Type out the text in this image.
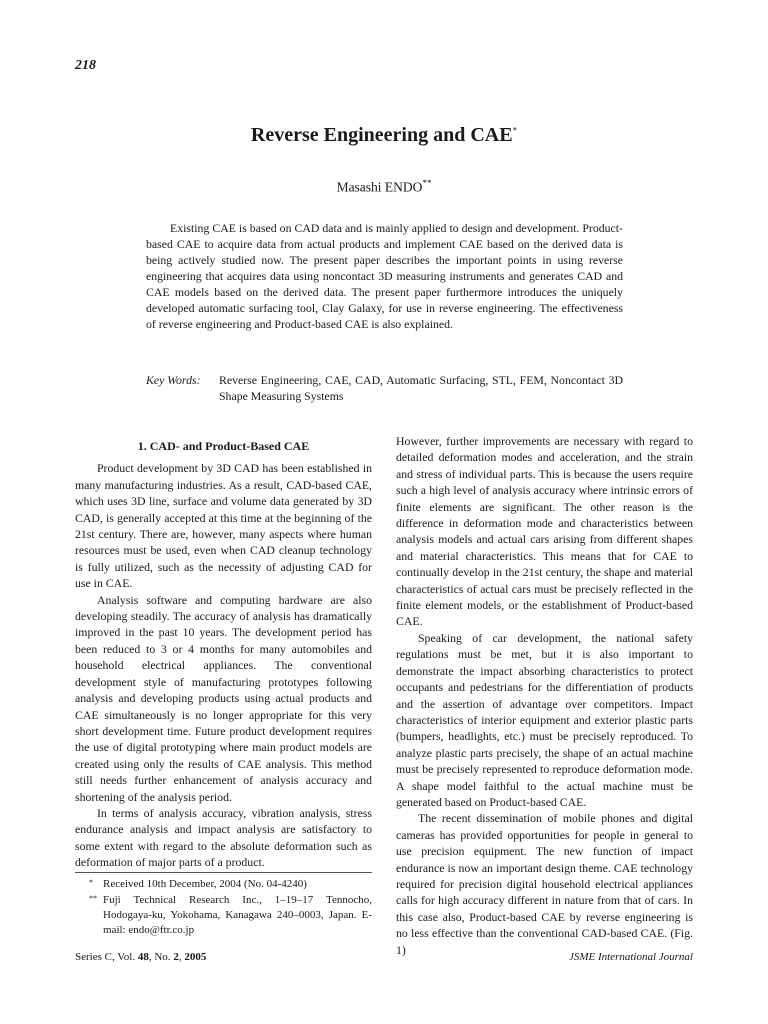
218
Reverse Engineering and CAE*
Masashi ENDO**

Existing CAE is based on CAD data and is mainly applied to design and development. Product-based CAE to acquire data from actual products and implement CAE based on the derived data is being actively studied now. The present paper describes the important points in using reverse engineering that acquires data using noncontact 3D measuring instruments and generates CAD and CAE models based on the derived data. The present paper furthermore introduces the uniquely developed automatic surfacing tool, Clay Galaxy, for use in reverse engineering. The effectiveness of reverse engineering and Product-based CAE is also explained.

Key Words: Reverse Engineering, CAE, CAD, Automatic Surfacing, STL, FEM, Noncontact 3D Shape Measuring Systems
1. CAD- and Product-Based CAE

Product development by 3D CAD has been established in many manufacturing industries. As a result, CAD-based CAE, which uses 3D line, surface and volume data generated by 3D CAD, is generally accepted at this time at the beginning of the 21st century. There are, however, many aspects where human resources must be used, even when CAD cleanup technology is fully utilized, such as the necessity of adjusting CAD for use in CAE.

Analysis software and computing hardware are also developing steadily. The accuracy of analysis has dramatically improved in the past 10 years. The development period has been reduced to 3 or 4 months for many automobiles and household electrical appliances. The conventional development style of manufacturing prototypes following analysis and developing products using actual products and CAE simultaneously is no longer appropriate for this very short development time. Future product development requires the use of digital prototyping where main product models are created using only the results of CAE analysis. This method still needs further enhancement of analysis accuracy and shortening of the analysis period.

In terms of analysis accuracy, vibration analysis, stress endurance analysis and impact analysis are satisfactory to some extent with regard to the absolute deformation such as deformation of major parts of a product.

* Received 10th December, 2004 (No. 04-4240)
** Fuji Technical Research Inc., 1–19–17 Tennocho, Hodogaya-ku, Yokohama, Kanagawa 240–0003, Japan. E-mail: endo@ftr.co.jp

However, further improvements are necessary with regard to detailed deformation modes and acceleration, and the strain and stress of individual parts. This is because the users require such a high level of analysis accuracy where intrinsic errors of finite elements are significant. The other reason is the difference in deformation mode and characteristics between analysis models and actual cars arising from different shapes and material characteristics. This means that for CAE to continually develop in the 21st century, the shape and material characteristics of actual cars must be precisely reflected in the finite element models, or the establishment of Product-based CAE.

Speaking of car development, the national safety regulations must be met, but it is also important to demonstrate the impact absorbing characteristics to protect occupants and pedestrians for the differentiation of products and the assertion of advantage over competitors. Impact characteristics of interior equipment and exterior plastic parts (bumpers, headlights, etc.) must be precisely reproduced. To analyze plastic parts precisely, the shape of an actual machine must be precisely represented to reproduce deformation mode. A shape model faithful to the actual machine must be generated based on Product-based CAE.

The recent dissemination of mobile phones and digital cameras has provided opportunities for people in general to use precision equipment. The new function of impact endurance is now an important design theme. CAE technology required for precision digital household electrical appliances calls for high accuracy different in nature from that of cars. In this case also, Product-based CAE by reverse engineering is no less effective than the conventional CAD-based CAE. (Fig. 1)

Series C, Vol. 48, No. 2, 2005	JSME International Journal
